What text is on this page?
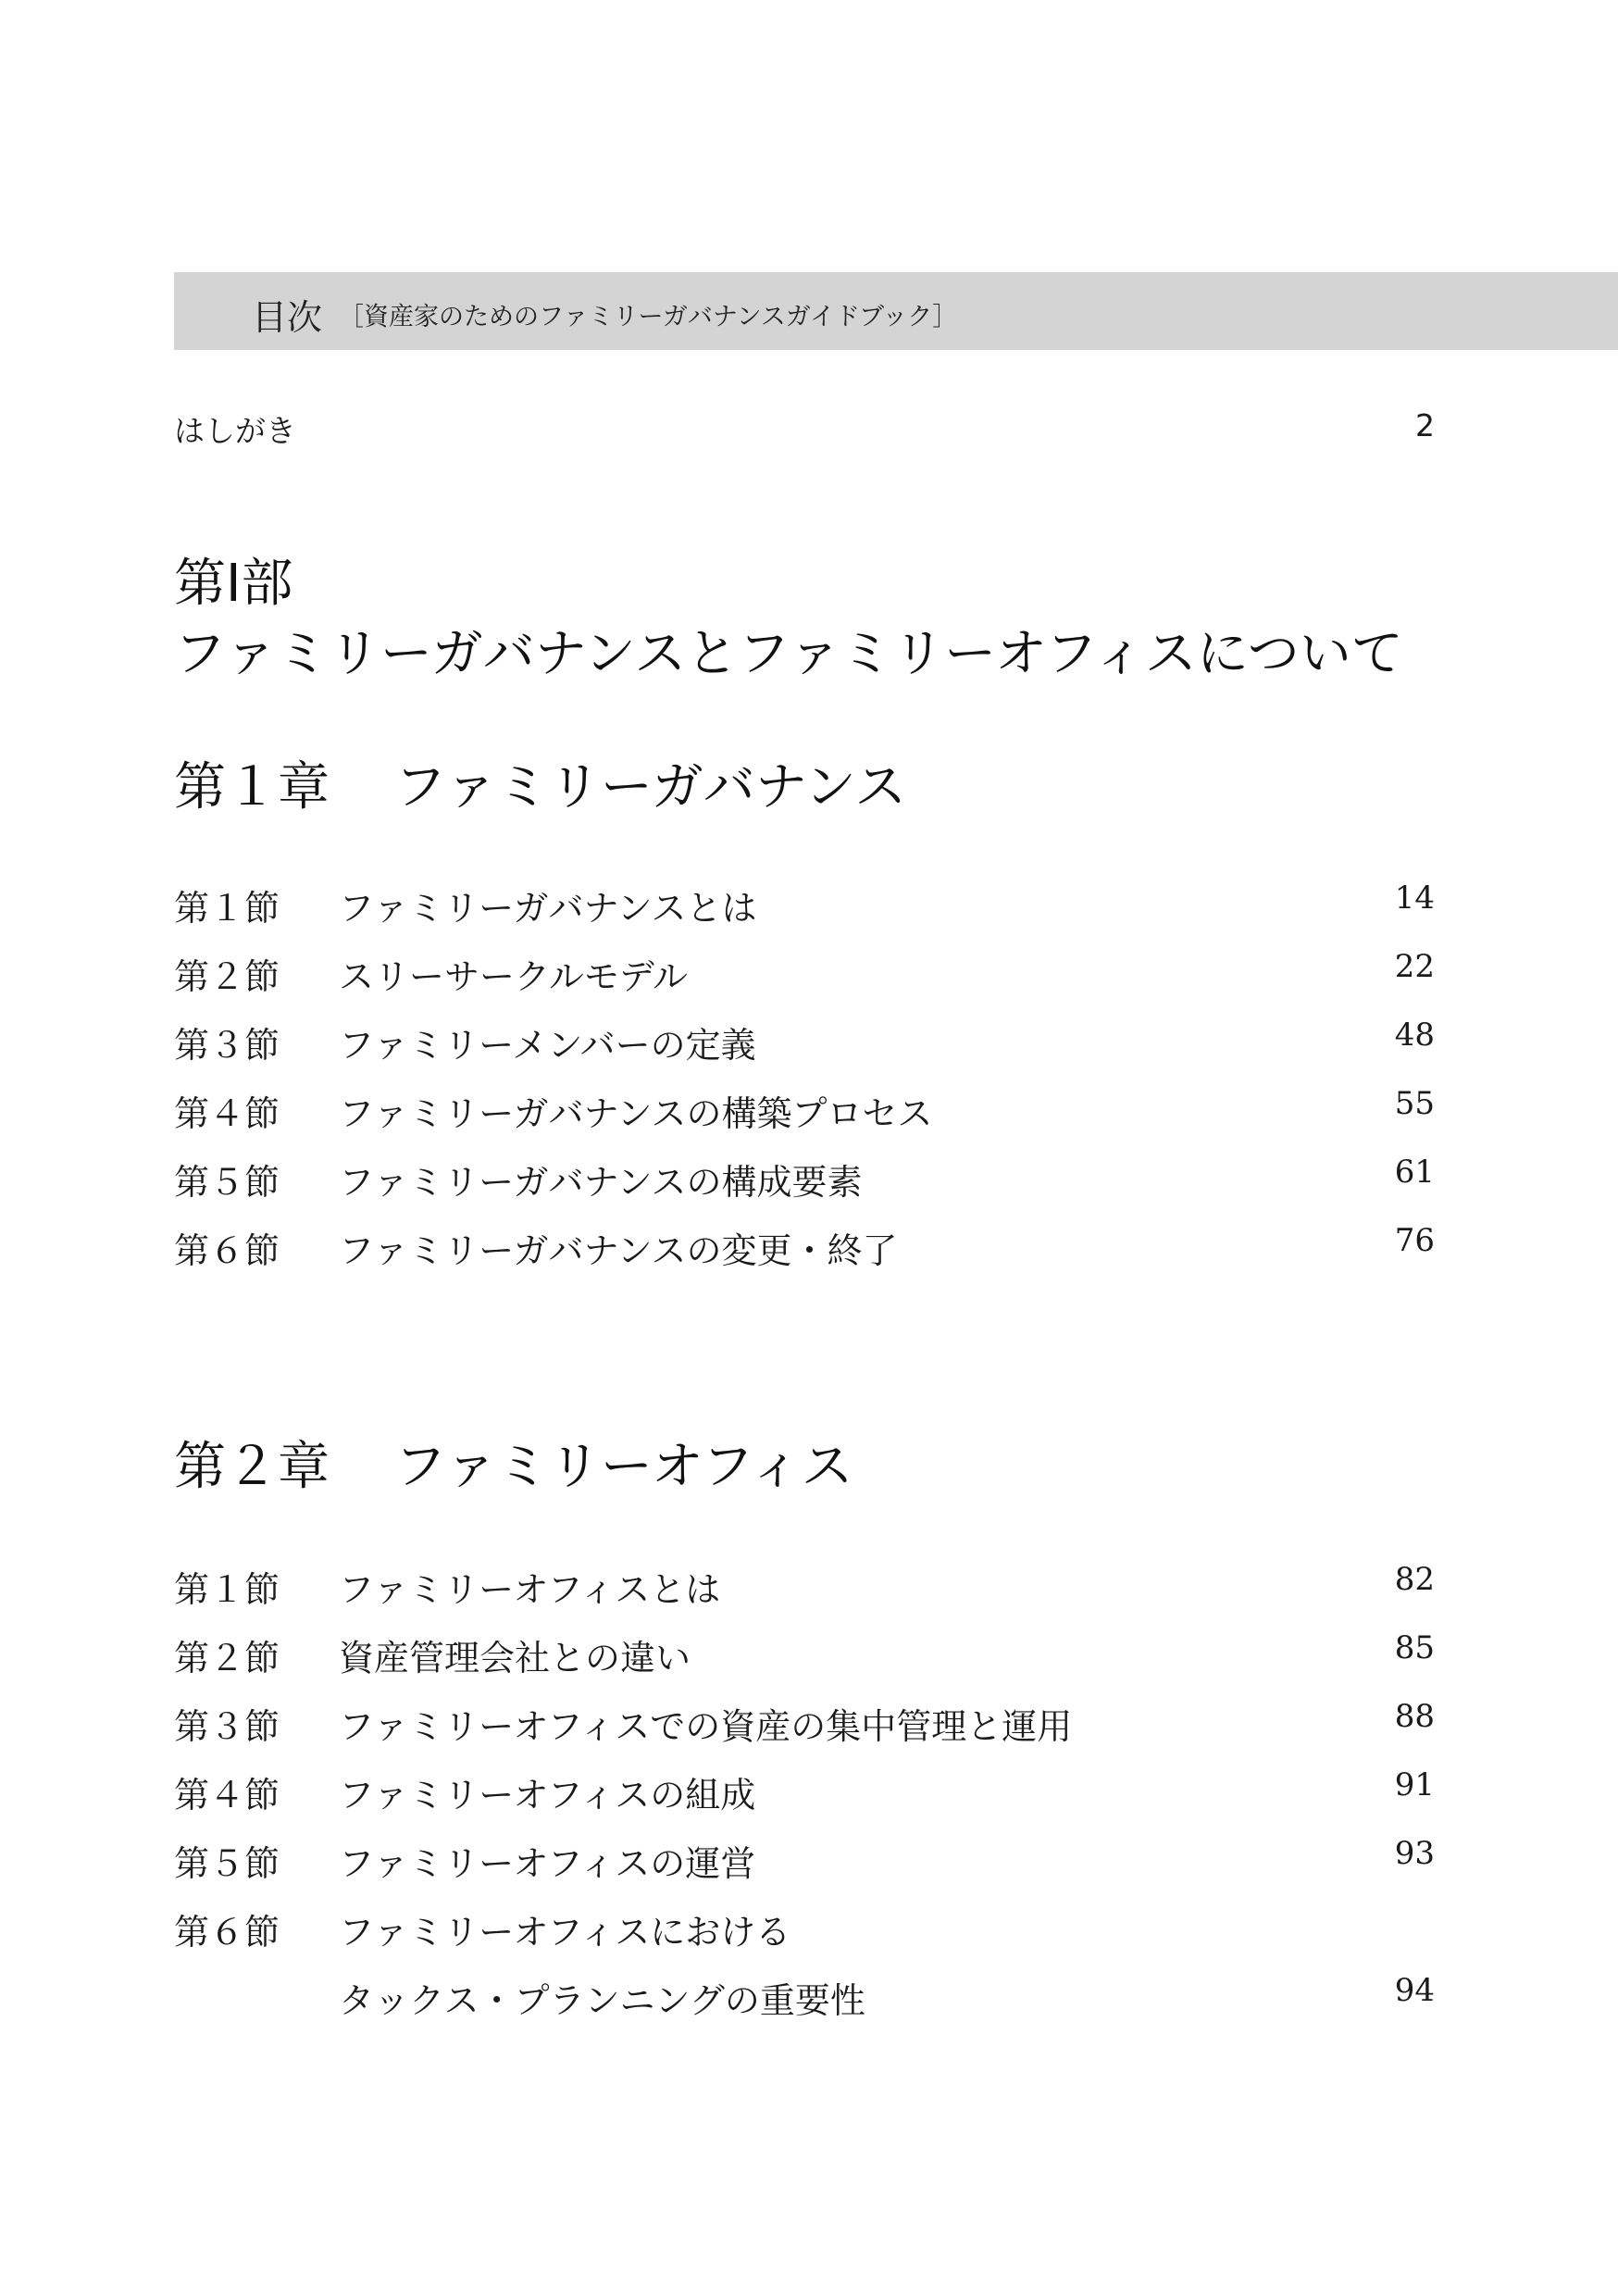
目次 ［資産家のためのファミリーガバナンスガイドブック］
はしがき	2
第Ⅰ部
ファミリーガバナンスとファミリーオフィスについて
第１章 ファミリーガバナンス
第１節 ファミリーガバナンスとは	14
第２節 スリーサークルモデル	22
第３節 ファミリーメンバーの定義	48
第４節 ファミリーガバナンスの構築プロセス	55
第５節 ファミリーガバナンスの構成要素	61
第６節 ファミリーガバナンスの変更・終了	76
第２章 ファミリーオフィス
第１節 ファミリーオフィスとは	82
第２節 資産管理会社との違い	85
第３節 ファミリーオフィスでの資産の集中管理と運用	88
第４節 ファミリーオフィスの組成	91
第５節 ファミリーオフィスの運営	93
第６節 ファミリーオフィスにおける
タックス・プランニングの重要性	94
